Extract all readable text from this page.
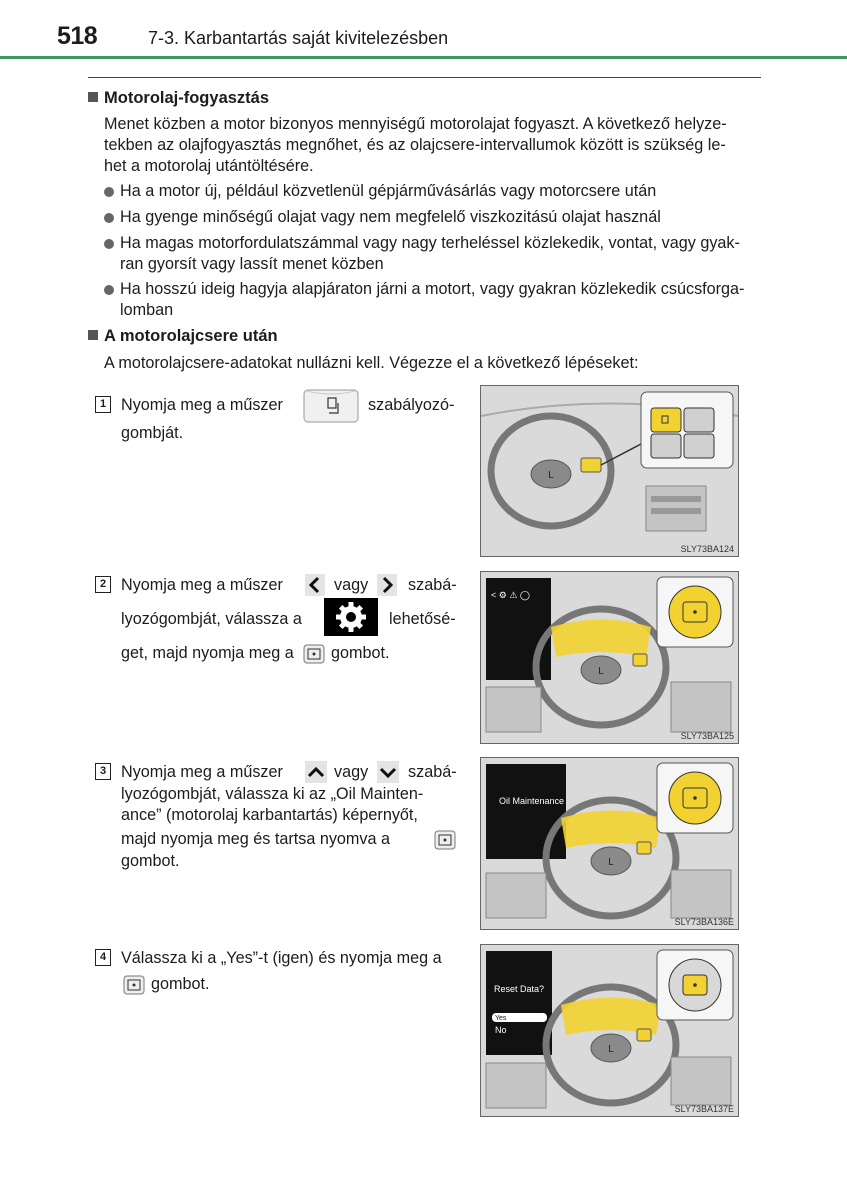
518	7-3. Karbantartás saját kivitelezésben
Motorolaj-fogyasztás
Menet közben a motor bizonyos mennyiségű motorolajat fogyaszt. A következő helyze-
tekben az olajfogyasztás megnőhet, és az olajcsere-intervallumok között is szükség le-
het a motorolaj utántöltésére.
Ha a motor új, például közvetlenül gépjárművásárlás vagy motorcsere után
Ha gyenge minőségű olajat vagy nem megfelelő viszkozitású olajat használ
Ha magas motorfordulatszámmal vagy nagy terheléssel közlekedik, vontat, vagy gyak-
ran gyorsít vagy lassít menet közben
Ha hosszú ideig hagyja alapjáraton járni a motort, vagy gyakran közlekedik csúcsforga-
lomban
A motorolajcsere után
A motorolajcsere-adatokat nullázni kell. Végezze el a következő lépéseket:
1 Nyomja meg a műszer	szabályozó-
gombját.
L
SLY73BA124
2 Nyomja meg a műszer	vagy szabá-
lyozógombját, válassza a	lehetősé-
get, majd nyomja meg a gombot.
< ⚙ ⚠ ◯
L
SLY73BA125
3 Nyomja meg a műszer	vagy szabá-
lyozógombját, válassza ki az „Oil Mainten-
ance” (motorolaj karbantartás) képernyőt,
majd nyomja meg és tartsa nyomva a
gombot.
Oil Maintenance
L
SLY73BA136E
4 Válassza ki a „Yes”-t (igen) és nyomja meg a
gombot.	Reset Data?
Yes
No
L
SLY73BA137E
